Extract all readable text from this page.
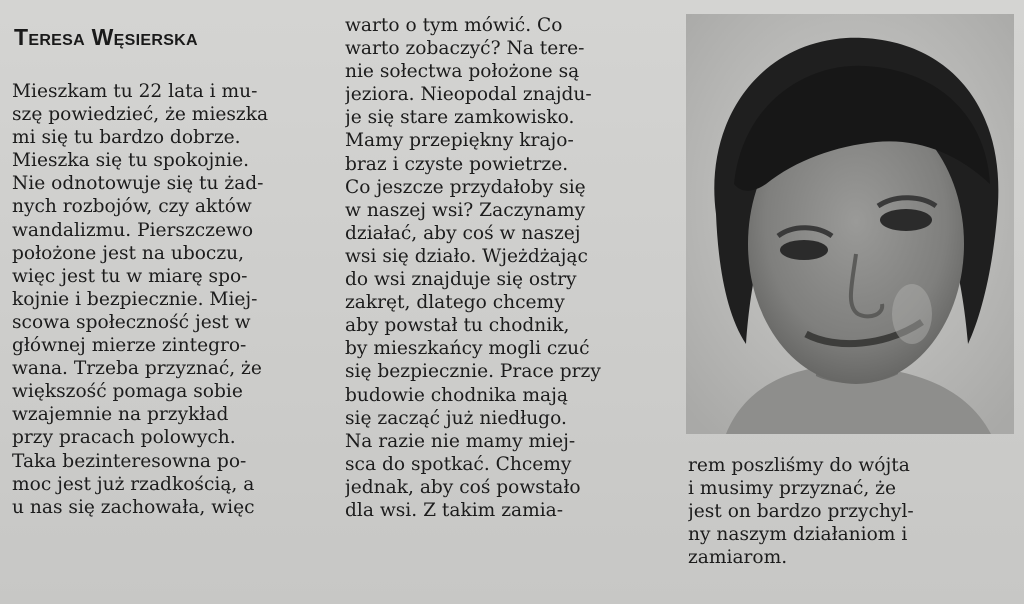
Teresa Węsierska
Mieszkam tu 22 lata i mu-
szę powiedzieć, że mieszka
mi się tu bardzo dobrze.
Mieszka się tu spokojnie.
Nie odnotowuje się tu żad-
nych rozbojów, czy aktów
wandalizmu. Pierszczewo
położone jest na uboczu,
więc jest tu w miarę spo-
kojnie i bezpiecznie. Miej-
scowa społeczność jest w
głównej mierze zintegro-
wana. Trzeba przyznać, że
większość pomaga sobie
wzajemnie na przykład
przy pracach polowych.
Taka bezinteresowna po-
moc jest już rzadkością, a
u nas się zachowała, więc
warto o tym mówić. Co
warto zobaczyć? Na tere-
nie sołectwa położone są
jeziora. Nieopodal znajdu-
je się stare zamkowisko.
Mamy przepiękny krajo-
braz i czyste powietrze.
Co jeszcze przydałoby się
w naszej wsi? Zaczynamy
działać, aby coś w naszej
wsi się działo. Wjeżdżając
do wsi znajduje się ostry
zakręt, dlatego chcemy
aby powstał tu chodnik,
by mieszkańcy mogli czuć
się bezpiecznie. Prace przy
budowie chodnika mają
się zacząć już niedługo.
Na razie nie mamy miej-
sca do spotkać. Chcemy
jednak, aby coś powstało
dla wsi. Z takim zamia-
rem poszliśmy do wójta
i musimy przyznać, że
jest on bardzo przychyl-
ny naszym działaniom i
zamiarom.
